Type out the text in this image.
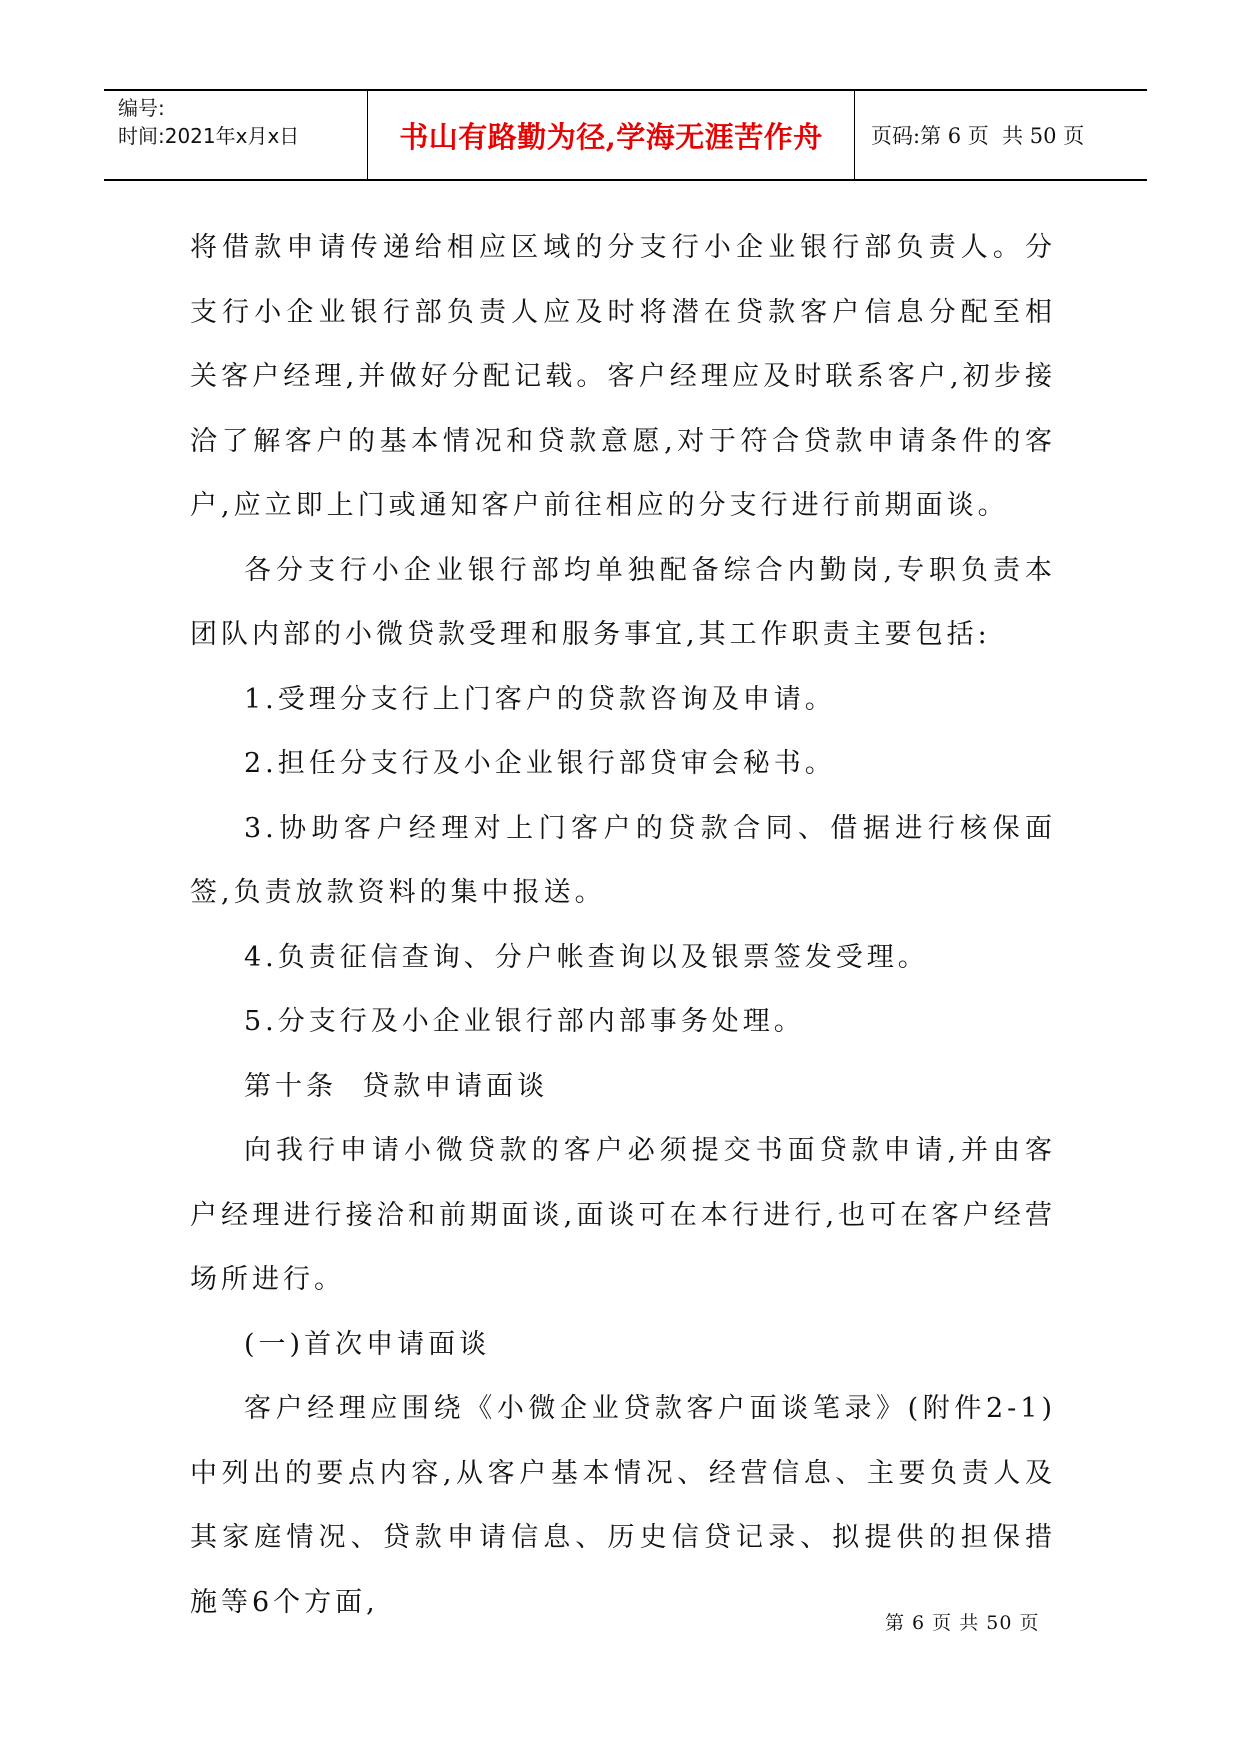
编号:
时间:2021年x月x日	书山有路勤为径,学海无涯苦作舟	页码:第 6 页  共 50 页

将借款申请传递给相应区域的分支行小企业银行部负责人。分支行小企业银行部负责人应及时将潜在贷款客户信息分配至相关客户经理,并做好分配记载。客户经理应及时联系客户,初步接洽了解客户的基本情况和贷款意愿,对于符合贷款申请条件的客户,应立即上门或通知客户前往相应的分支行进行前期面谈。

各分支行小企业银行部均单独配备综合内勤岗,专职负责本团队内部的小微贷款受理和服务事宜,其工作职责主要包括:

1.受理分支行上门客户的贷款咨询及申请。

2.担任分支行及小企业银行部贷审会秘书。

3.协助客户经理对上门客户的贷款合同、借据进行核保面签,负责放款资料的集中报送。

4.负责征信查询、分户帐查询以及银票签发受理。

5.分支行及小企业银行部内部事务处理。

第十条  贷款申请面谈

向我行申请小微贷款的客户必须提交书面贷款申请,并由客户经理进行接洽和前期面谈,面谈可在本行进行,也可在客户经营场所进行。

(一)首次申请面谈

客户经理应围绕《小微企业贷款客户面谈笔录》(附件2-1)中列出的要点内容,从客户基本情况、经营信息、主要负责人及其家庭情况、贷款申请信息、历史信贷记录、拟提供的担保措施等6个方面,

第 6 页 共 50 页
